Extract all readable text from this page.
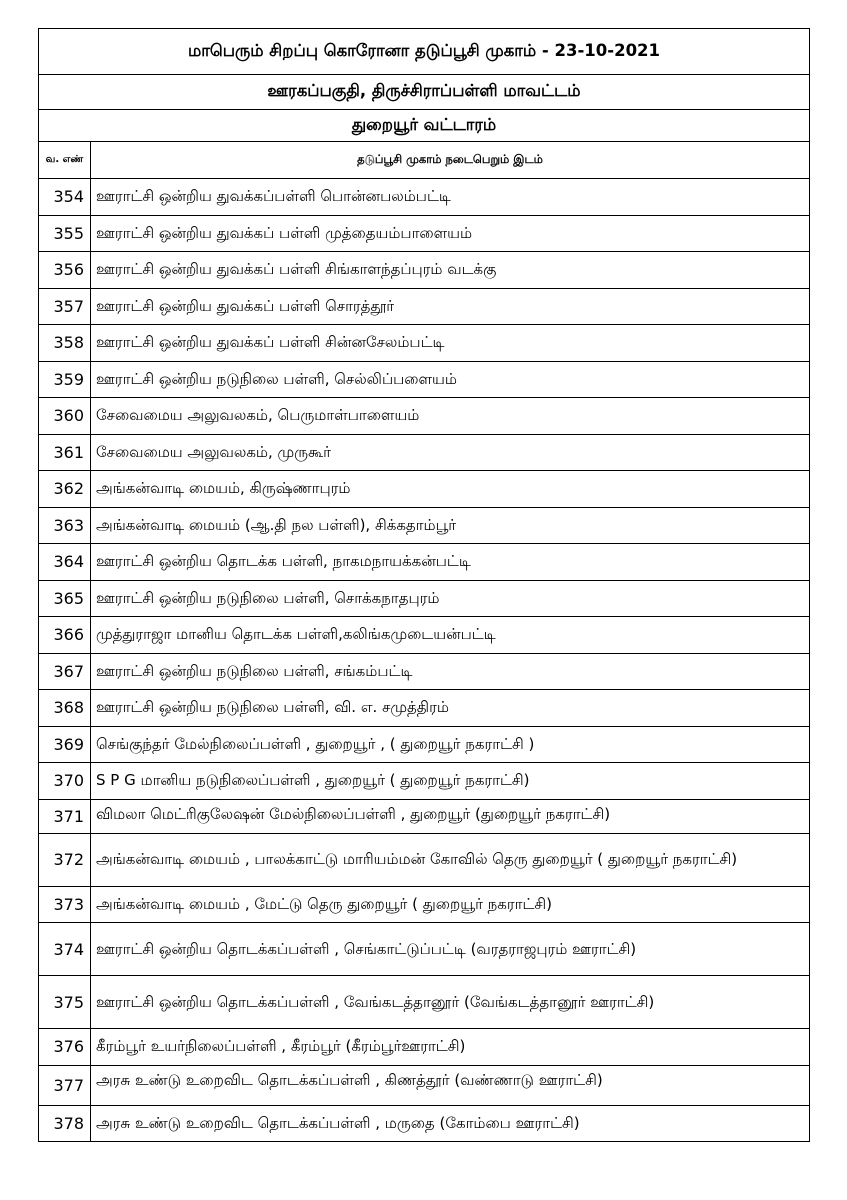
மாபெரும் சிறப்பு கொரோனா தடுப்பூசி முகாம் - 23-10-2021	
ஊரகப்பகுதி, திருச்சிராப்பள்ளி மாவட்டம்	
துறையூர் வட்டாரம்	
வ. எண்	தடுப்பூசி முகாம் நடைபெறும் இடம்
354	ஊராட்சி ஒன்றிய துவக்கப்பள்ளி பொன்னபலம்பட்டி
355	ஊராட்சி ஒன்றிய துவக்கப் பள்ளி முத்தையம்பாளையம்
356	ஊராட்சி ஒன்றிய துவக்கப் பள்ளி சிங்காளந்தப்புரம் வடக்கு
357	ஊராட்சி ஒன்றிய துவக்கப் பள்ளி சொரத்தூர்
358	ஊராட்சி ஒன்றிய துவக்கப் பள்ளி சின்னசேலம்பட்டி
359	ஊராட்சி ஒன்றிய நடுநிலை பள்ளி, செல்லிப்பளையம்
360	சேவைமைய அலுவலகம், பெருமாள்பாளையம்
361	சேவைமைய அலுவலகம், முருகூர்
362	அங்கன்வாடி மையம், கிருஷ்ணாபுரம்
363	அங்கன்வாடி மையம் (ஆ.தி நல பள்ளி), சிக்கதாம்பூர்
364	ஊராட்சி ஒன்றிய தொடக்க பள்ளி, நாகமநாயக்கன்பட்டி
365	ஊராட்சி ஒன்றிய நடுநிலை பள்ளி, சொக்கநாதபுரம்
366	முத்துராஜா மானிய தொடக்க பள்ளி,கலிங்கமுடையன்பட்டி
367	ஊராட்சி ஒன்றிய நடுநிலை பள்ளி, சங்கம்பட்டி
368	ஊராட்சி ஒன்றிய நடுநிலை பள்ளி, வி. எ. சமுத்திரம்
369	செங்குந்தர் மேல்நிலைப்பள்ளி , துறையூர் , ( துறையூர் நகராட்சி )
370	S P G மானிய நடுநிலைப்பள்ளி , துறையூர் ( துறையூர் நகராட்சி)
371	விமலா மெட்ரிகுலேஷன் மேல்நிலைப்பள்ளி , துறையூர் (துறையூர் நகராட்சி)

372	அங்கன்வாடி மையம் , பாலக்காட்டு மாரியம்மன் கோவில் தெரு துறையூர் ( துறையூர் நகராட்சி)
373	அங்கன்வாடி மையம் , மேட்டு தெரு துறையூர் ( துறையூர் நகராட்சி)
374	ஊராட்சி ஒன்றிய தொடக்கப்பள்ளி , செங்காட்டுப்பட்டி (வரதராஜபுரம் ஊராட்சி)
375	ஊராட்சி ஒன்றிய தொடக்கப்பள்ளி , வேங்கடத்தானூர் (வேங்கடத்தானூர் ஊராட்சி)
376	கீரம்பூர் உயர்நிலைப்பள்ளி , கீரம்பூர் (கீரம்பூர்ஊராட்சி)
377	அரசு உண்டு உறைவிட தொடக்கப்பள்ளி , கிணத்தூர் (வண்ணாடு ஊராட்சி)

378	அரசு உண்டு உறைவிட தொடக்கப்பள்ளி , மருதை (கோம்பை ஊராட்சி)
